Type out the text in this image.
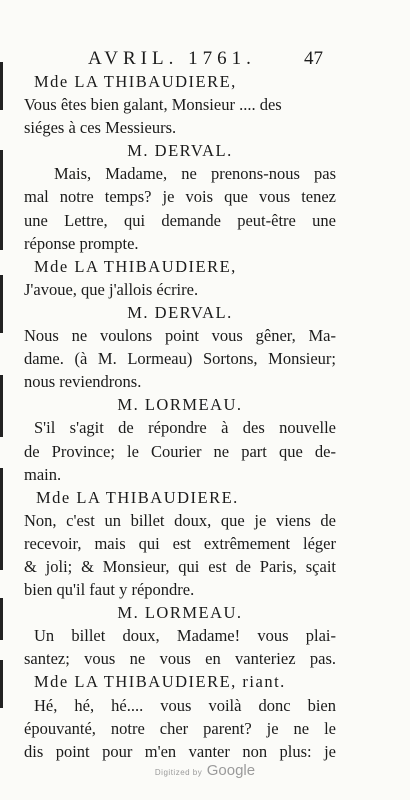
AVRIL. 1761.	47
Mde LA THIBAUDIERE,
Vous êtes bien galant, Monsieur .... des
siéges à ces Messieurs.
M. DERVAL.
Mais, Madame, ne prenons-nous pas
mal notre temps? je vois que vous tenez
une Lettre, qui demande peut-être une
réponse prompte.
Mde LA THIBAUDIERE,
J'avoue, que j'allois écrire.
M. DERVAL.
Nous ne voulons point vous gêner, Ma-
dame. (à M. Lormeau) Sortons, Monsieur;
nous reviendrons.
M. LORMEAU.
S'il s'agit de répondre à des nouvelle
de Province; le Courier ne part que de-
main.
Mde LA THIBAUDIERE.
Non, c'est un billet doux, que je viens de
recevoir, mais qui est extrêmement léger
& joli; & Monsieur, qui est de Paris, sçait
bien qu'il faut y répondre.
M. LORMEAU.
Un billet doux, Madame! vous plai-
santez; vous ne vous en vanteriez pas.
Mde LA THIBAUDIERE, riant.
Hé, hé, hé.... vous voilà donc bien
épouvanté, notre cher parent? je ne le
dis point pour m'en vanter non plus: je
Digitized by Google
